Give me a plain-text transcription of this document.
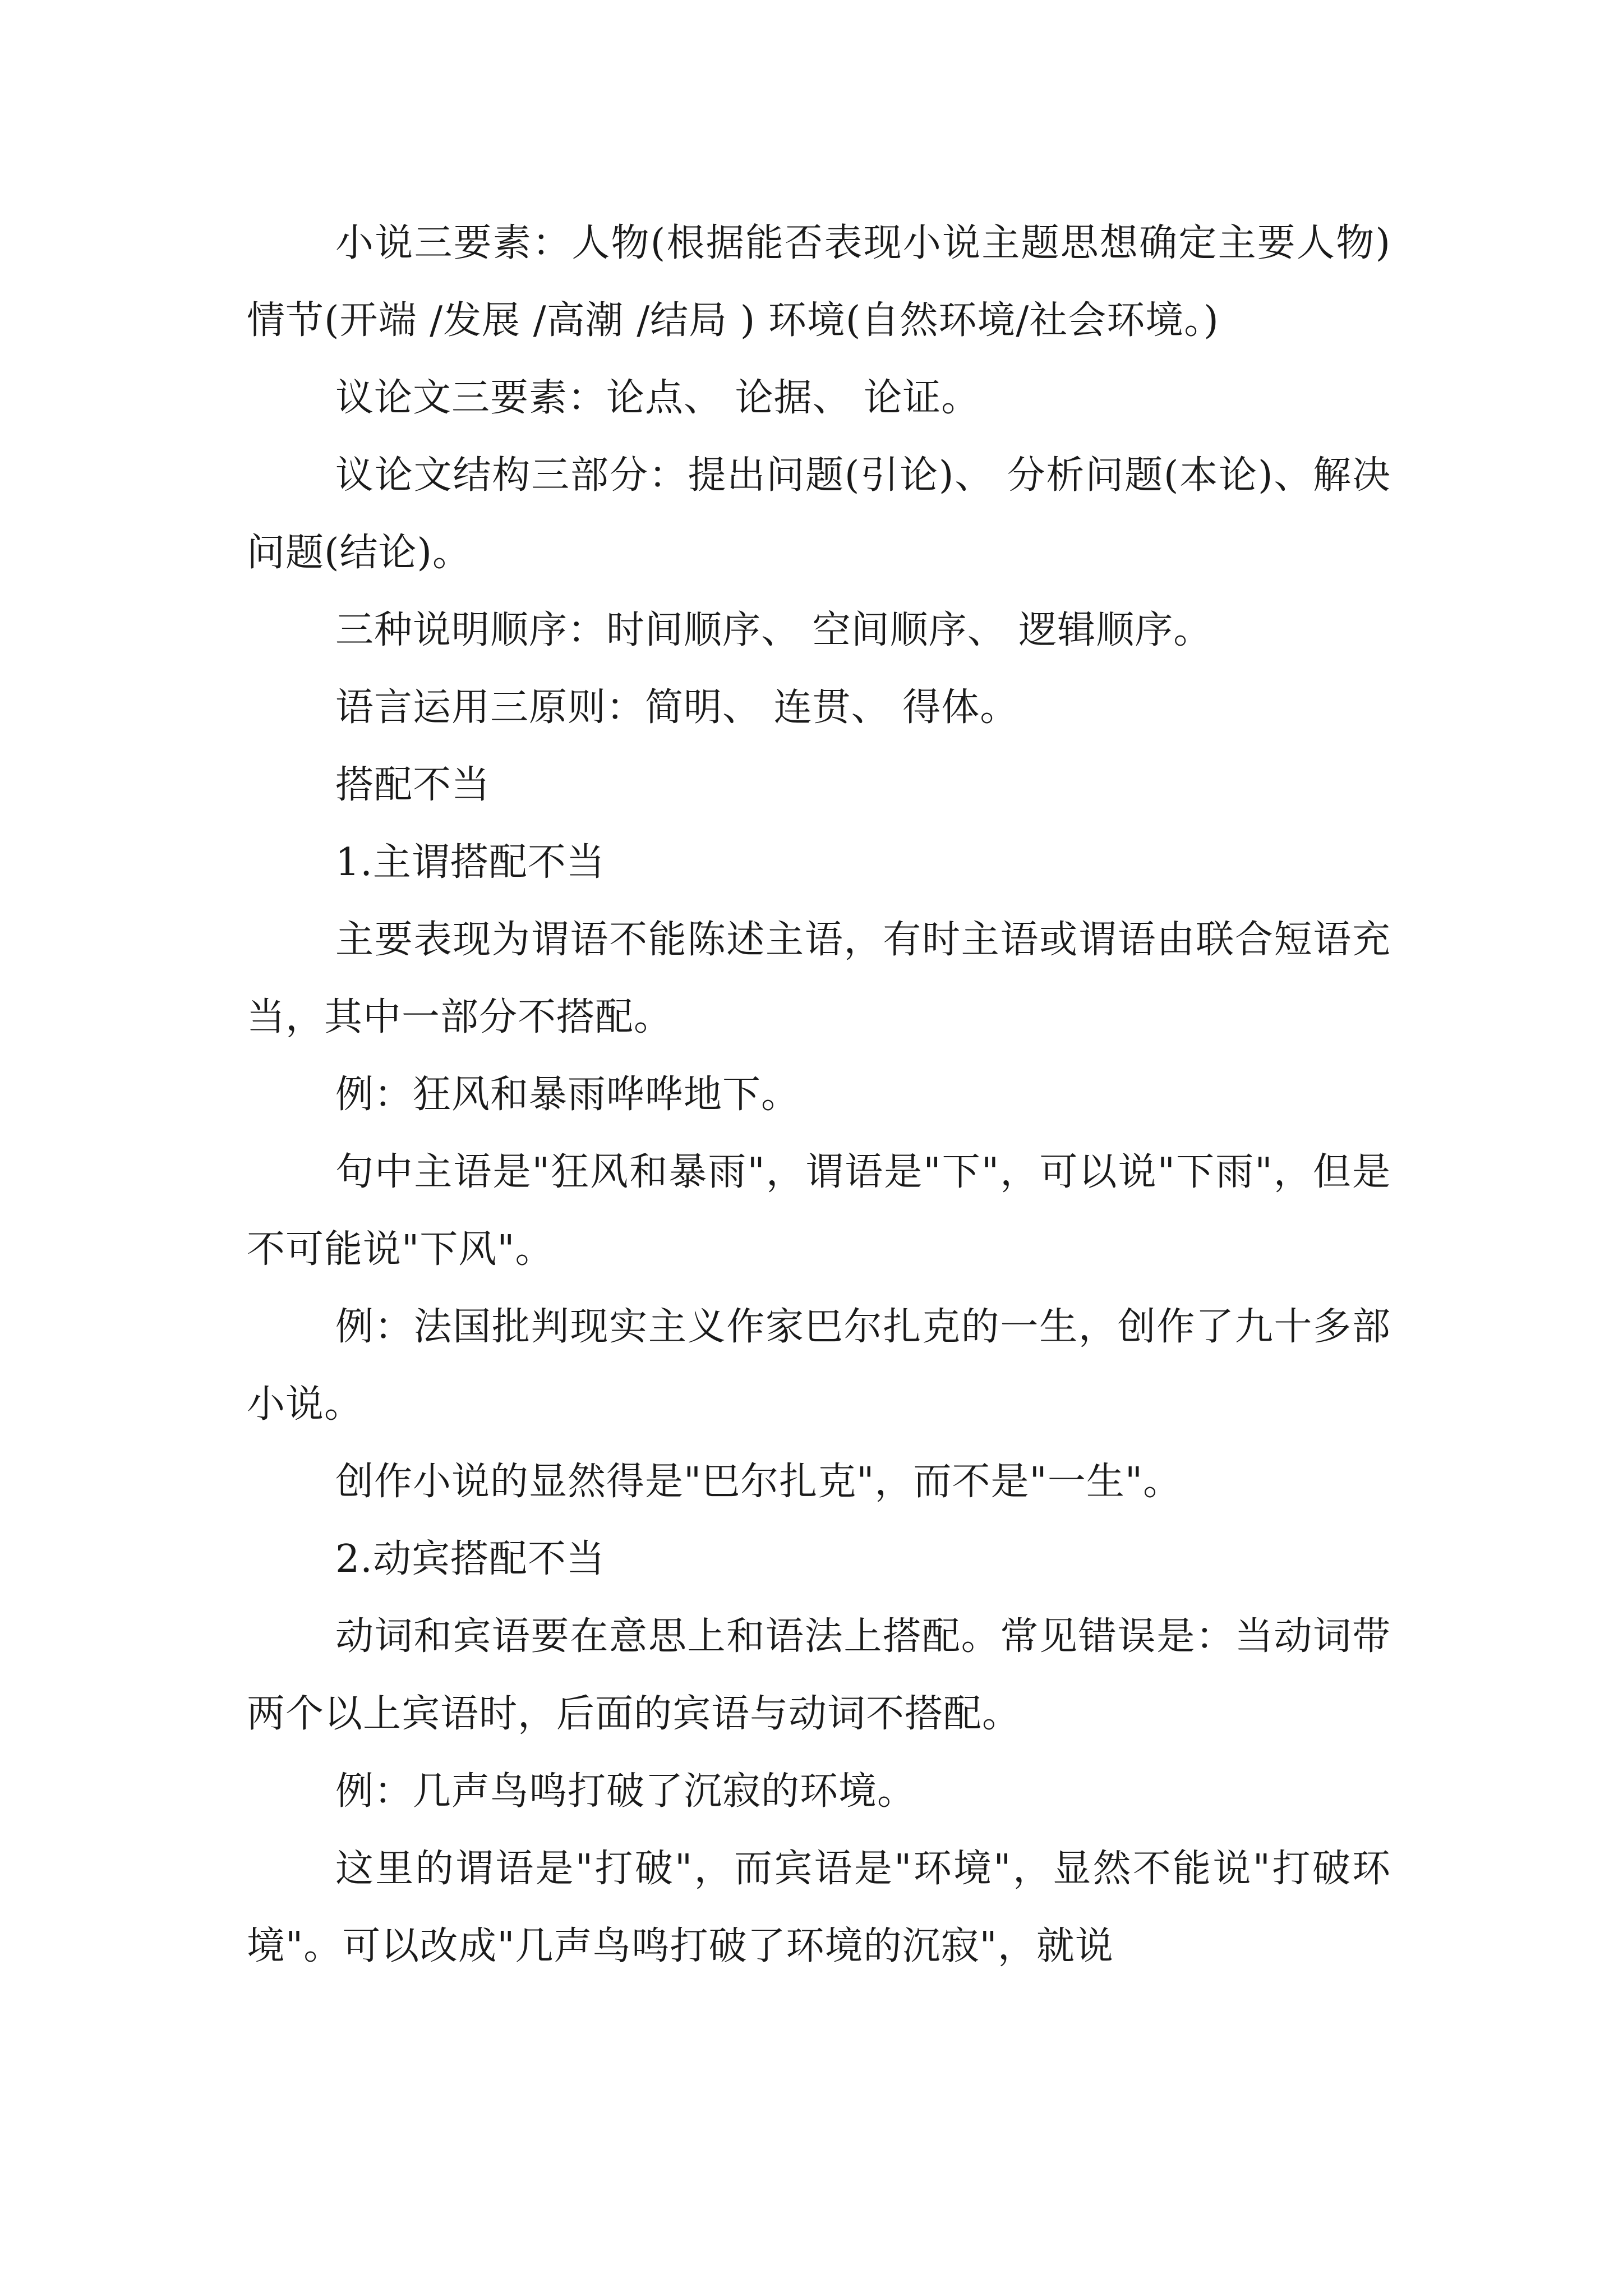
小说三要素：人物(根据能否表现小说主题思想确定主要人物)情节(开端 /发展 /高潮 /结局 ) 环境(自然环境/社会环境。)

议论文三要素：论点、 论据、 论证。

议论文结构三部分：提出问题(引论)、 分析问题(本论)、解决问题(结论)。

三种说明顺序：时间顺序、 空间顺序、 逻辑顺序。

语言运用三原则：简明、 连贯、 得体。

搭配不当

1.主谓搭配不当

主要表现为谓语不能陈述主语，有时主语或谓语由联合短语充当，其中一部分不搭配。

例：狂风和暴雨哗哗地下。

句中主语是"狂风和暴雨"，谓语是"下"，可以说"下雨"，但是不可能说"下风"。

例：法国批判现实主义作家巴尔扎克的一生，创作了九十多部小说。

创作小说的显然得是"巴尔扎克"，而不是"一生"。

2.动宾搭配不当

动词和宾语要在意思上和语法上搭配。常见错误是：当动词带两个以上宾语时，后面的宾语与动词不搭配。

例：几声鸟鸣打破了沉寂的环境。

这里的谓语是"打破"，而宾语是"环境"，显然不能说"打破环境"。可以改成"几声鸟鸣打破了环境的沉寂"，就说
